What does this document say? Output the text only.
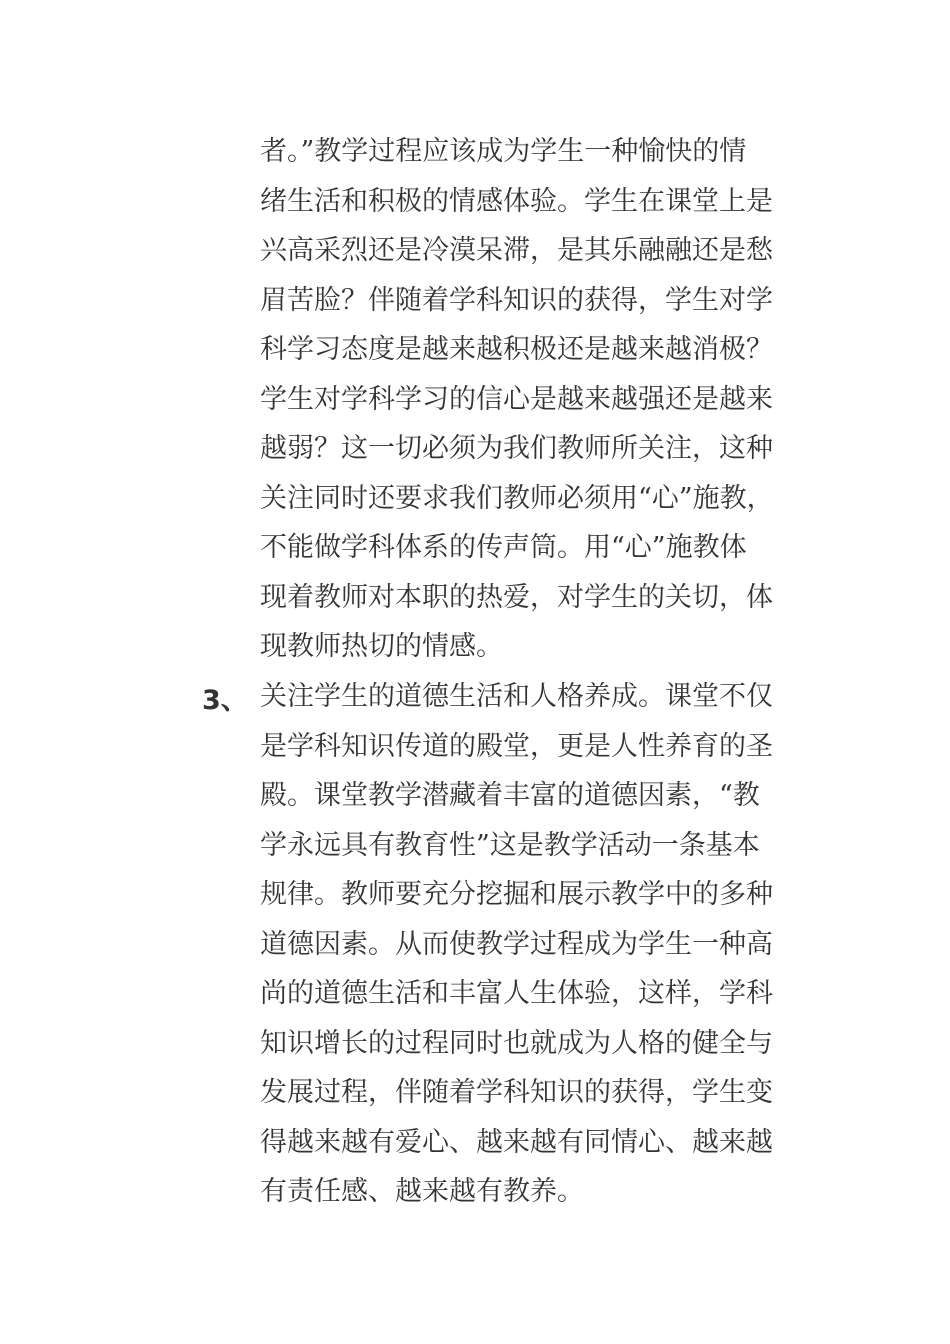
者。”教学过程应该成为学生一种愉快的情
绪生活和积极的情感体验。学生在课堂上是
兴高采烈还是冷漠呆滞，是其乐融融还是愁
眉苦脸？伴随着学科知识的获得，学生对学
科学习态度是越来越积极还是越来越消极？
学生对学科学习的信心是越来越强还是越来
越弱？这一切必须为我们教师所关注，这种
关注同时还要求我们教师必须用“心”施教，
不能做学科体系的传声筒。用“心”施教体
现着教师对本职的热爱，对学生的关切，体
现教师热切的情感。
3、 关注学生的道德生活和人格养成。课堂不仅
是学科知识传道的殿堂，更是人性养育的圣
殿。课堂教学潜藏着丰富的道德因素，“教
学永远具有教育性”这是教学活动一条基本
规律。教师要充分挖掘和展示教学中的多种
道德因素。从而使教学过程成为学生一种高
尚的道德生活和丰富人生体验，这样，学科
知识增长的过程同时也就成为人格的健全与
发展过程，伴随着学科知识的获得，学生变
得越来越有爱心、越来越有同情心、越来越
有责任感、越来越有教养。
